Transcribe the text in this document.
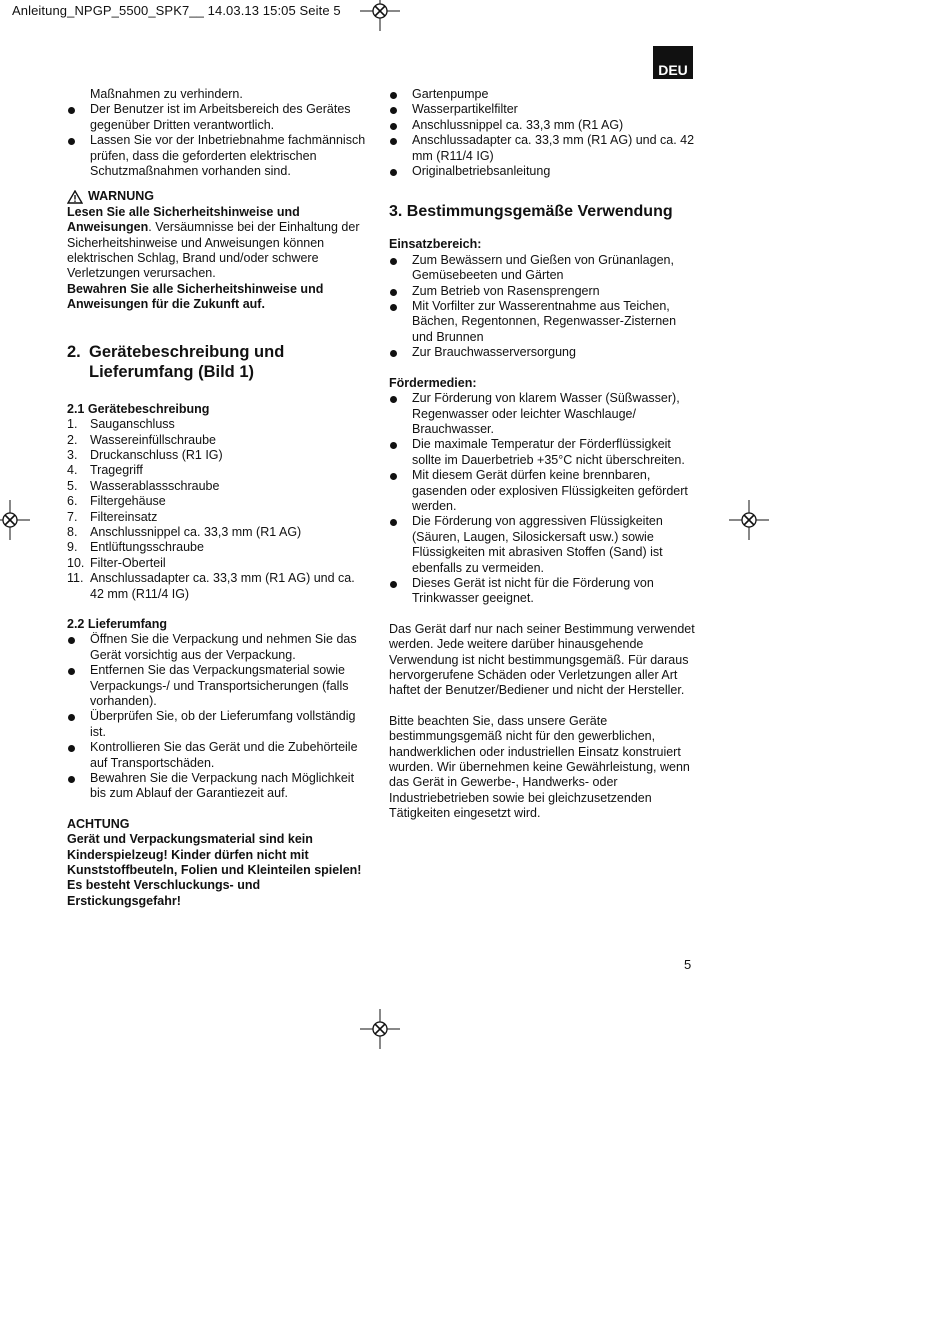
Anleitung_NPGP_5500_SPK7__ 14.03.13 15:05 Seite 5
DEU
Maßnahmen zu verhindern.
Der Benutzer ist im Arbeitsbereich des Gerätes gegenüber Dritten verantwortlich.
Lassen Sie vor der Inbetriebnahme fachmännisch prüfen, dass die geforderten elektrischen Schutzmaßnahmen vorhanden sind.
WARNUNG

Lesen Sie alle Sicherheitshinweise und Anweisungen. Versäumnisse bei der Einhaltung der Sicherheitshinweise und Anweisungen können elektrischen Schlag, Brand und/oder schwere Verletzungen verursachen.

Bewahren Sie alle Sicherheitshinweise und Anweisungen für die Zukunft auf.

2. Gerätebeschreibung und Lieferumfang (Bild 1)

2.1 Gerätebeschreibung

1. Sauganschluss
2. Wassereinfüllschraube
3. Druckanschluss (R1 IG)
4. Tragegriff
5. Wasserablassschraube
6. Filtergehäuse
7. Filtereinsatz
8. Anschlussnippel ca. 33,3 mm (R1 AG)
9. Entlüftungsschraube
10. Filter-Oberteil
11. Anschlussadapter ca. 33,3 mm (R1 AG) und ca. 42 mm (R11/4 IG)

2.2 Lieferumfang

Öffnen Sie die Verpackung und nehmen Sie das Gerät vorsichtig aus der Verpackung.
Entfernen Sie das Verpackungsmaterial sowie Verpackungs-/ und Transportsicherungen (falls vorhanden).
Überprüfen Sie, ob der Lieferumfang vollständig ist.
Kontrollieren Sie das Gerät und die Zubehörteile auf Transportschäden.
Bewahren Sie die Verpackung nach Möglichkeit bis zum Ablauf der Garantiezeit auf.

ACHTUNG

Gerät und Verpackungsmaterial sind kein Kinderspielzeug! Kinder dürfen nicht mit Kunststoffbeuteln, Folien und Kleinteilen spielen! Es besteht Verschluckungs- und Erstickungsgefahr!

Gartenpumpe
Wasserpartikelfilter
Anschlussnippel ca. 33,3 mm (R1 AG)
Anschlussadapter ca. 33,3 mm (R1 AG) und ca. 42 mm (R11/4 IG)
Originalbetriebsanleitung

3. Bestimmungsgemäße Verwendung

Einsatzbereich:

Zum Bewässern und Gießen von Grünanlagen, Gemüsebeeten und Gärten
Zum Betrieb von Rasensprengern
Mit Vorfilter zur Wasserentnahme aus Teichen, Bächen, Regentonnen, Regenwasser-Zisternen und Brunnen
Zur Brauchwasserversorgung

Fördermedien:

Zur Förderung von klarem Wasser (Süßwasser), Regenwasser oder leichter Waschlauge/ Brauchwasser.
Die maximale Temperatur der Förderflüssigkeit sollte im Dauerbetrieb +35°C nicht überschreiten.
Mit diesem Gerät dürfen keine brennbaren, gasenden oder explosiven Flüssigkeiten gefördert werden.
Die Förderung von aggressiven Flüssigkeiten (Säuren, Laugen, Silosickersaft usw.) sowie Flüssigkeiten mit abrasiven Stoffen (Sand) ist ebenfalls zu vermeiden.
Dieses Gerät ist nicht für die Förderung von Trinkwasser geeignet.

Das Gerät darf nur nach seiner Bestimmung verwendet werden. Jede weitere darüber hinausgehende Verwendung ist nicht bestimmungsgemäß. Für daraus hervorgerufene Schäden oder Verletzungen aller Art haftet der Benutzer/Bediener und nicht der Hersteller.

Bitte beachten Sie, dass unsere Geräte bestimmungsgemäß nicht für den gewerblichen, handwerklichen oder industriellen Einsatz konstruiert wurden. Wir übernehmen keine Gewährleistung, wenn das Gerät in Gewerbe-, Handwerks- oder Industriebetrieben sowie bei gleichzusetzenden Tätigkeiten eingesetzt wird.

5
